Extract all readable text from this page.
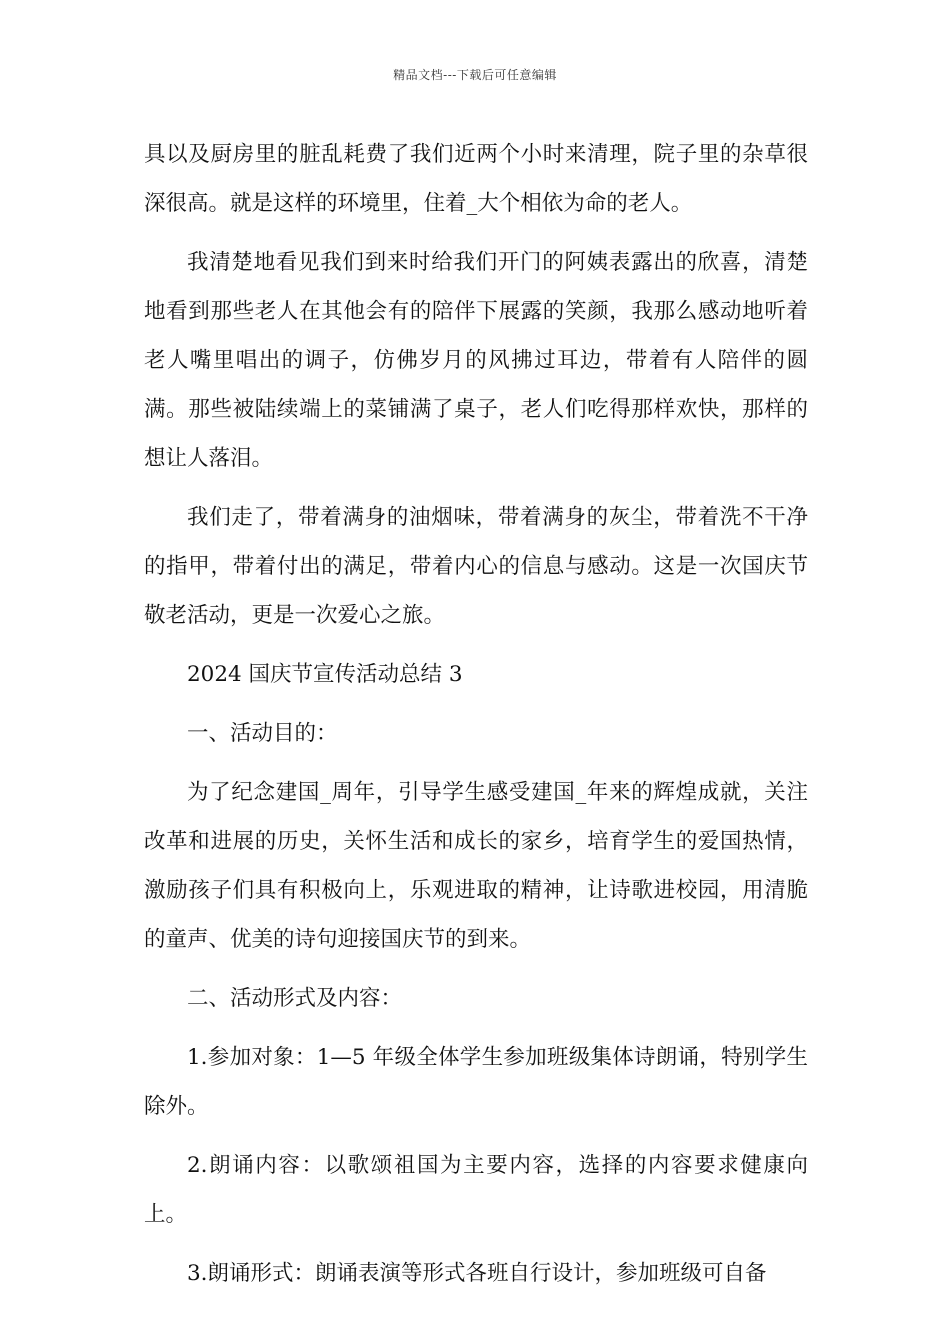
精品文档---下载后可任意编辑

具以及厨房里的脏乱耗费了我们近两个小时来清理，院子里的杂草很深很高。就是这样的环境里，住着_大个相依为命的老人。

我清楚地看见我们到来时给我们开门的阿姨表露出的欣喜，清楚地看到那些老人在其他会有的陪伴下展露的笑颜，我那么感动地听着老人嘴里唱出的调子，仿佛岁月的风拂过耳边，带着有人陪伴的圆满。那些被陆续端上的菜铺满了桌子，老人们吃得那样欢快，那样的想让人落泪。

我们走了，带着满身的油烟味，带着满身的灰尘，带着洗不干净的指甲，带着付出的满足，带着内心的信息与感动。这是一次国庆节敬老活动，更是一次爱心之旅。

2024 国庆节宣传活动总结 3

一、活动目的：

为了纪念建国_周年，引导学生感受建国_年来的辉煌成就，关注改革和进展的历史，关怀生活和成长的家乡，培育学生的爱国热情，激励孩子们具有积极向上，乐观进取的精神，让诗歌进校园，用清脆的童声、优美的诗句迎接国庆节的到来。

二、活动形式及内容：

1.参加对象：1—5 年级全体学生参加班级集体诗朗诵，特别学生除外。

2.朗诵内容：以歌颂祖国为主要内容，选择的内容要求健康向上。

3.朗诵形式：朗诵表演等形式各班自行设计，参加班级可自备
